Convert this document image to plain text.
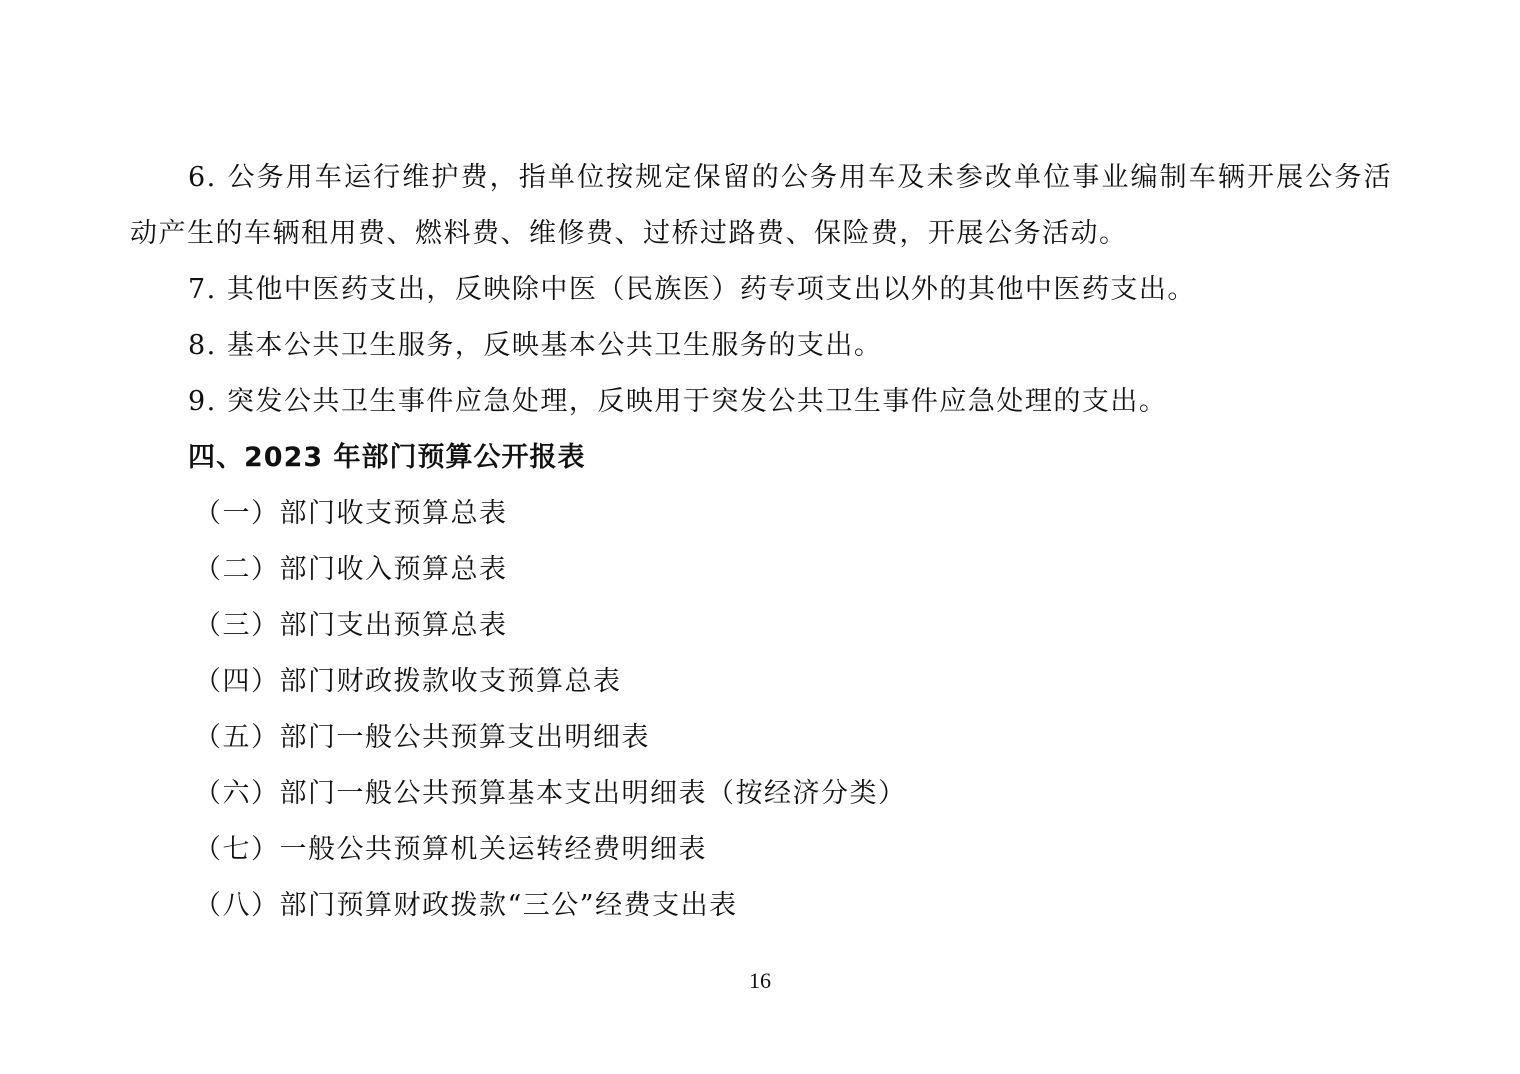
6. 公务用车运行维护费，指单位按规定保留的公务用车及未参改单位事业编制车辆开展公务活动产生的车辆租用费、燃料费、维修费、过桥过路费、保险费，开展公务活动。

7. 其他中医药支出，反映除中医（民族医）药专项支出以外的其他中医药支出。

8. 基本公共卫生服务，反映基本公共卫生服务的支出。

9. 突发公共卫生事件应急处理，反映用于突发公共卫生事件应急处理的支出。

四、2023 年部门预算公开报表

（一）部门收支预算总表

（二）部门收入预算总表

（三）部门支出预算总表

（四）部门财政拨款收支预算总表

（五）部门一般公共预算支出明细表

（六）部门一般公共预算基本支出明细表（按经济分类）

（七）一般公共预算机关运转经费明细表

（八）部门预算财政拨款“三公”经费支出表

16
